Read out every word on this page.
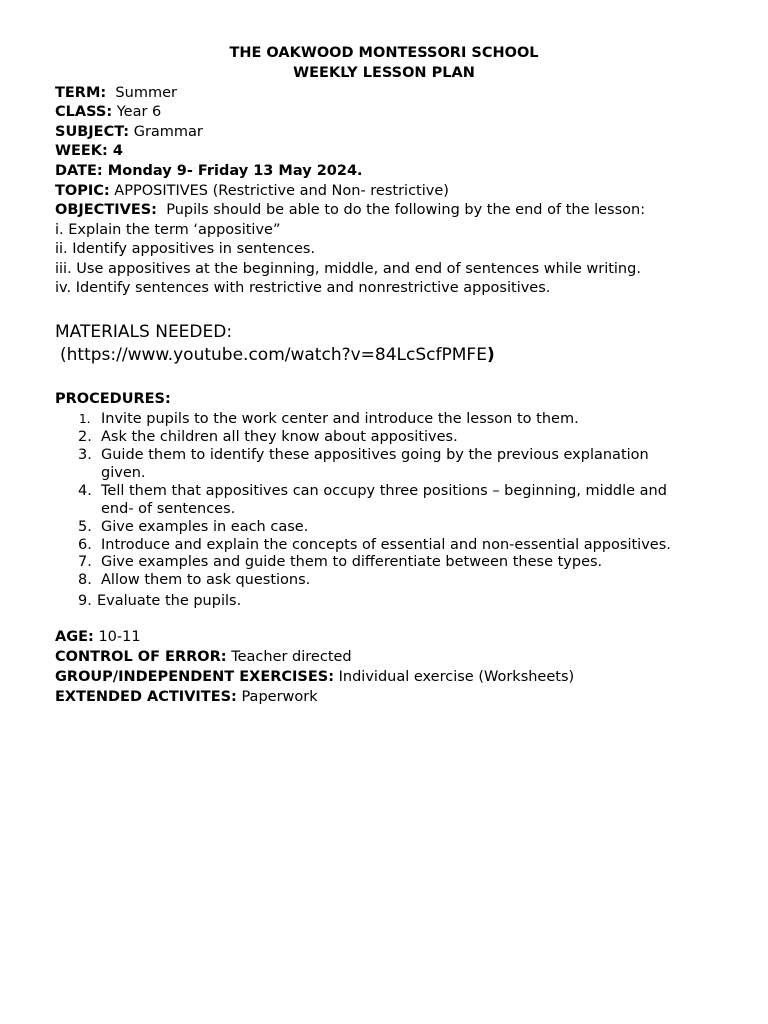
THE OAKWOOD MONTESSORI SCHOOL
WEEKLY LESSON PLAN
TERM: Summer
CLASS: Year 6
SUBJECT: Grammar
WEEK: 4
DATE: Monday 9- Friday 13 May 2024.
TOPIC: APPOSITIVES (Restrictive and Non- restrictive)
OBJECTIVES: Pupils should be able to do the following by the end of the lesson:
i. Explain the term ‘appositive”
ii. Identify appositives in sentences.
iii. Use appositives at the beginning, middle, and end of sentences while writing.
iv. Identify sentences with restrictive and nonrestrictive appositives.
MATERIALS NEEDED:
(https://www.youtube.com/watch?v=84LcScfPMFE)
PROCEDURES:
1. Invite pupils to the work center and introduce the lesson to them.
2. Ask the children all they know about appositives.
3. Guide them to identify these appositives going by the previous explanation
given.
4. Tell them that appositives can occupy three positions – beginning, middle and
end- of sentences.
5. Give examples in each case.
6. Introduce and explain the concepts of essential and non-essential appositives.
7. Give examples and guide them to differentiate between these types.
8. Allow them to ask questions.
9. Evaluate the pupils.
AGE: 10-11
CONTROL OF ERROR: Teacher directed
GROUP/INDEPENDENT EXERCISES: Individual exercise (Worksheets)
EXTENDED ACTIVITES: Paperwork
